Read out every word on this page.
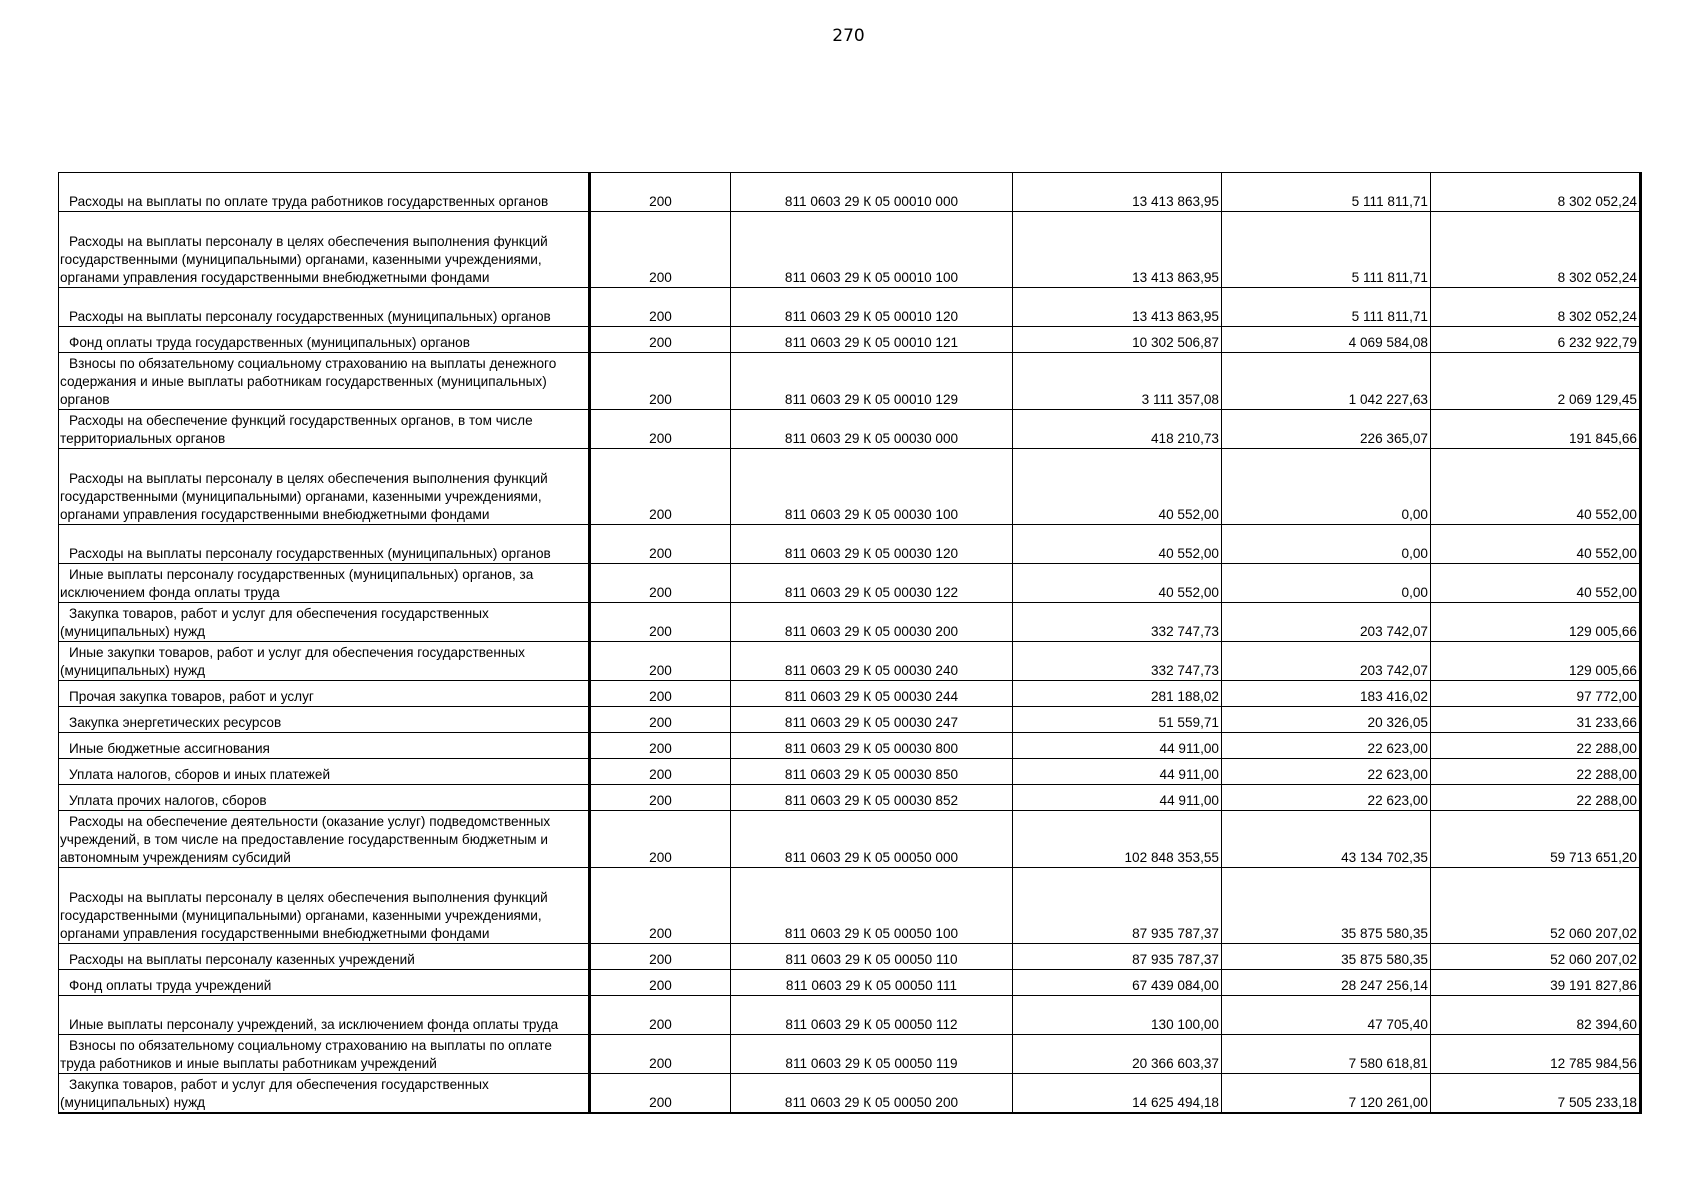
270
Расходы на выплаты по оплате труда работников государственных органов	200	811 0603 29 К 05 00010 000	13 413 863,95	5 111 811,71	8 302 052,24
Расходы на выплаты персоналу в целях обеспечения выполнения функций государственными (муниципальными) органами, казенными учреждениями, органами управления государственными внебюджетными фондами	200	811 0603 29 К 05 00010 100	13 413 863,95	5 111 811,71	8 302 052,24
Расходы на выплаты персоналу государственных (муниципальных) органов	200	811 0603 29 К 05 00010 120	13 413 863,95	5 111 811,71	8 302 052,24
Фонд оплаты труда государственных (муниципальных) органов	200	811 0603 29 К 05 00010 121	10 302 506,87	4 069 584,08	6 232 922,79
Взносы по обязательному социальному страхованию на выплаты денежного содержания и иные выплаты работникам государственных (муниципальных) органов	200	811 0603 29 К 05 00010 129	3 111 357,08	1 042 227,63	2 069 129,45
Расходы на обеспечение функций государственных органов, в том числе территориальных органов	200	811 0603 29 К 05 00030 000	418 210,73	226 365,07	191 845,66
Расходы на выплаты персоналу в целях обеспечения выполнения функций государственными (муниципальными) органами, казенными учреждениями, органами управления государственными внебюджетными фондами	200	811 0603 29 К 05 00030 100	40 552,00	0,00	40 552,00
Расходы на выплаты персоналу государственных (муниципальных) органов	200	811 0603 29 К 05 00030 120	40 552,00	0,00	40 552,00
Иные выплаты персоналу государственных (муниципальных) органов, за исключением фонда оплаты труда	200	811 0603 29 К 05 00030 122	40 552,00	0,00	40 552,00
Закупка товаров, работ и услуг для обеспечения государственных (муниципальных) нужд	200	811 0603 29 К 05 00030 200	332 747,73	203 742,07	129 005,66
Иные закупки товаров, работ и услуг для обеспечения государственных (муниципальных) нужд	200	811 0603 29 К 05 00030 240	332 747,73	203 742,07	129 005,66
Прочая закупка товаров, работ и услуг	200	811 0603 29 К 05 00030 244	281 188,02	183 416,02	97 772,00
Закупка энергетических ресурсов	200	811 0603 29 К 05 00030 247	51 559,71	20 326,05	31 233,66
Иные бюджетные ассигнования	200	811 0603 29 К 05 00030 800	44 911,00	22 623,00	22 288,00
Уплата налогов, сборов и иных платежей	200	811 0603 29 К 05 00030 850	44 911,00	22 623,00	22 288,00
Уплата прочих налогов, сборов	200	811 0603 29 К 05 00030 852	44 911,00	22 623,00	22 288,00
Расходы на обеспечение деятельности (оказание услуг) подведомственных учреждений, в том числе на предоставление государственным бюджетным и автономным учреждениям субсидий	200	811 0603 29 К 05 00050 000	102 848 353,55	43 134 702,35	59 713 651,20
Расходы на выплаты персоналу в целях обеспечения выполнения функций государственными (муниципальными) органами, казенными учреждениями, органами управления государственными внебюджетными фондами	200	811 0603 29 К 05 00050 100	87 935 787,37	35 875 580,35	52 060 207,02
Расходы на выплаты персоналу казенных учреждений	200	811 0603 29 К 05 00050 110	87 935 787,37	35 875 580,35	52 060 207,02
Фонд оплаты труда учреждений	200	811 0603 29 К 05 00050 111	67 439 084,00	28 247 256,14	39 191 827,86
Иные выплаты персоналу учреждений, за исключением фонда оплаты труда	200	811 0603 29 К 05 00050 112	130 100,00	47 705,40	82 394,60
Взносы по обязательному социальному страхованию на выплаты по оплате труда работников и иные выплаты работникам учреждений	200	811 0603 29 К 05 00050 119	20 366 603,37	7 580 618,81	12 785 984,56
Закупка товаров, работ и услуг для обеспечения государственных (муниципальных) нужд	200	811 0603 29 К 05 00050 200	14 625 494,18	7 120 261,00	7 505 233,18
